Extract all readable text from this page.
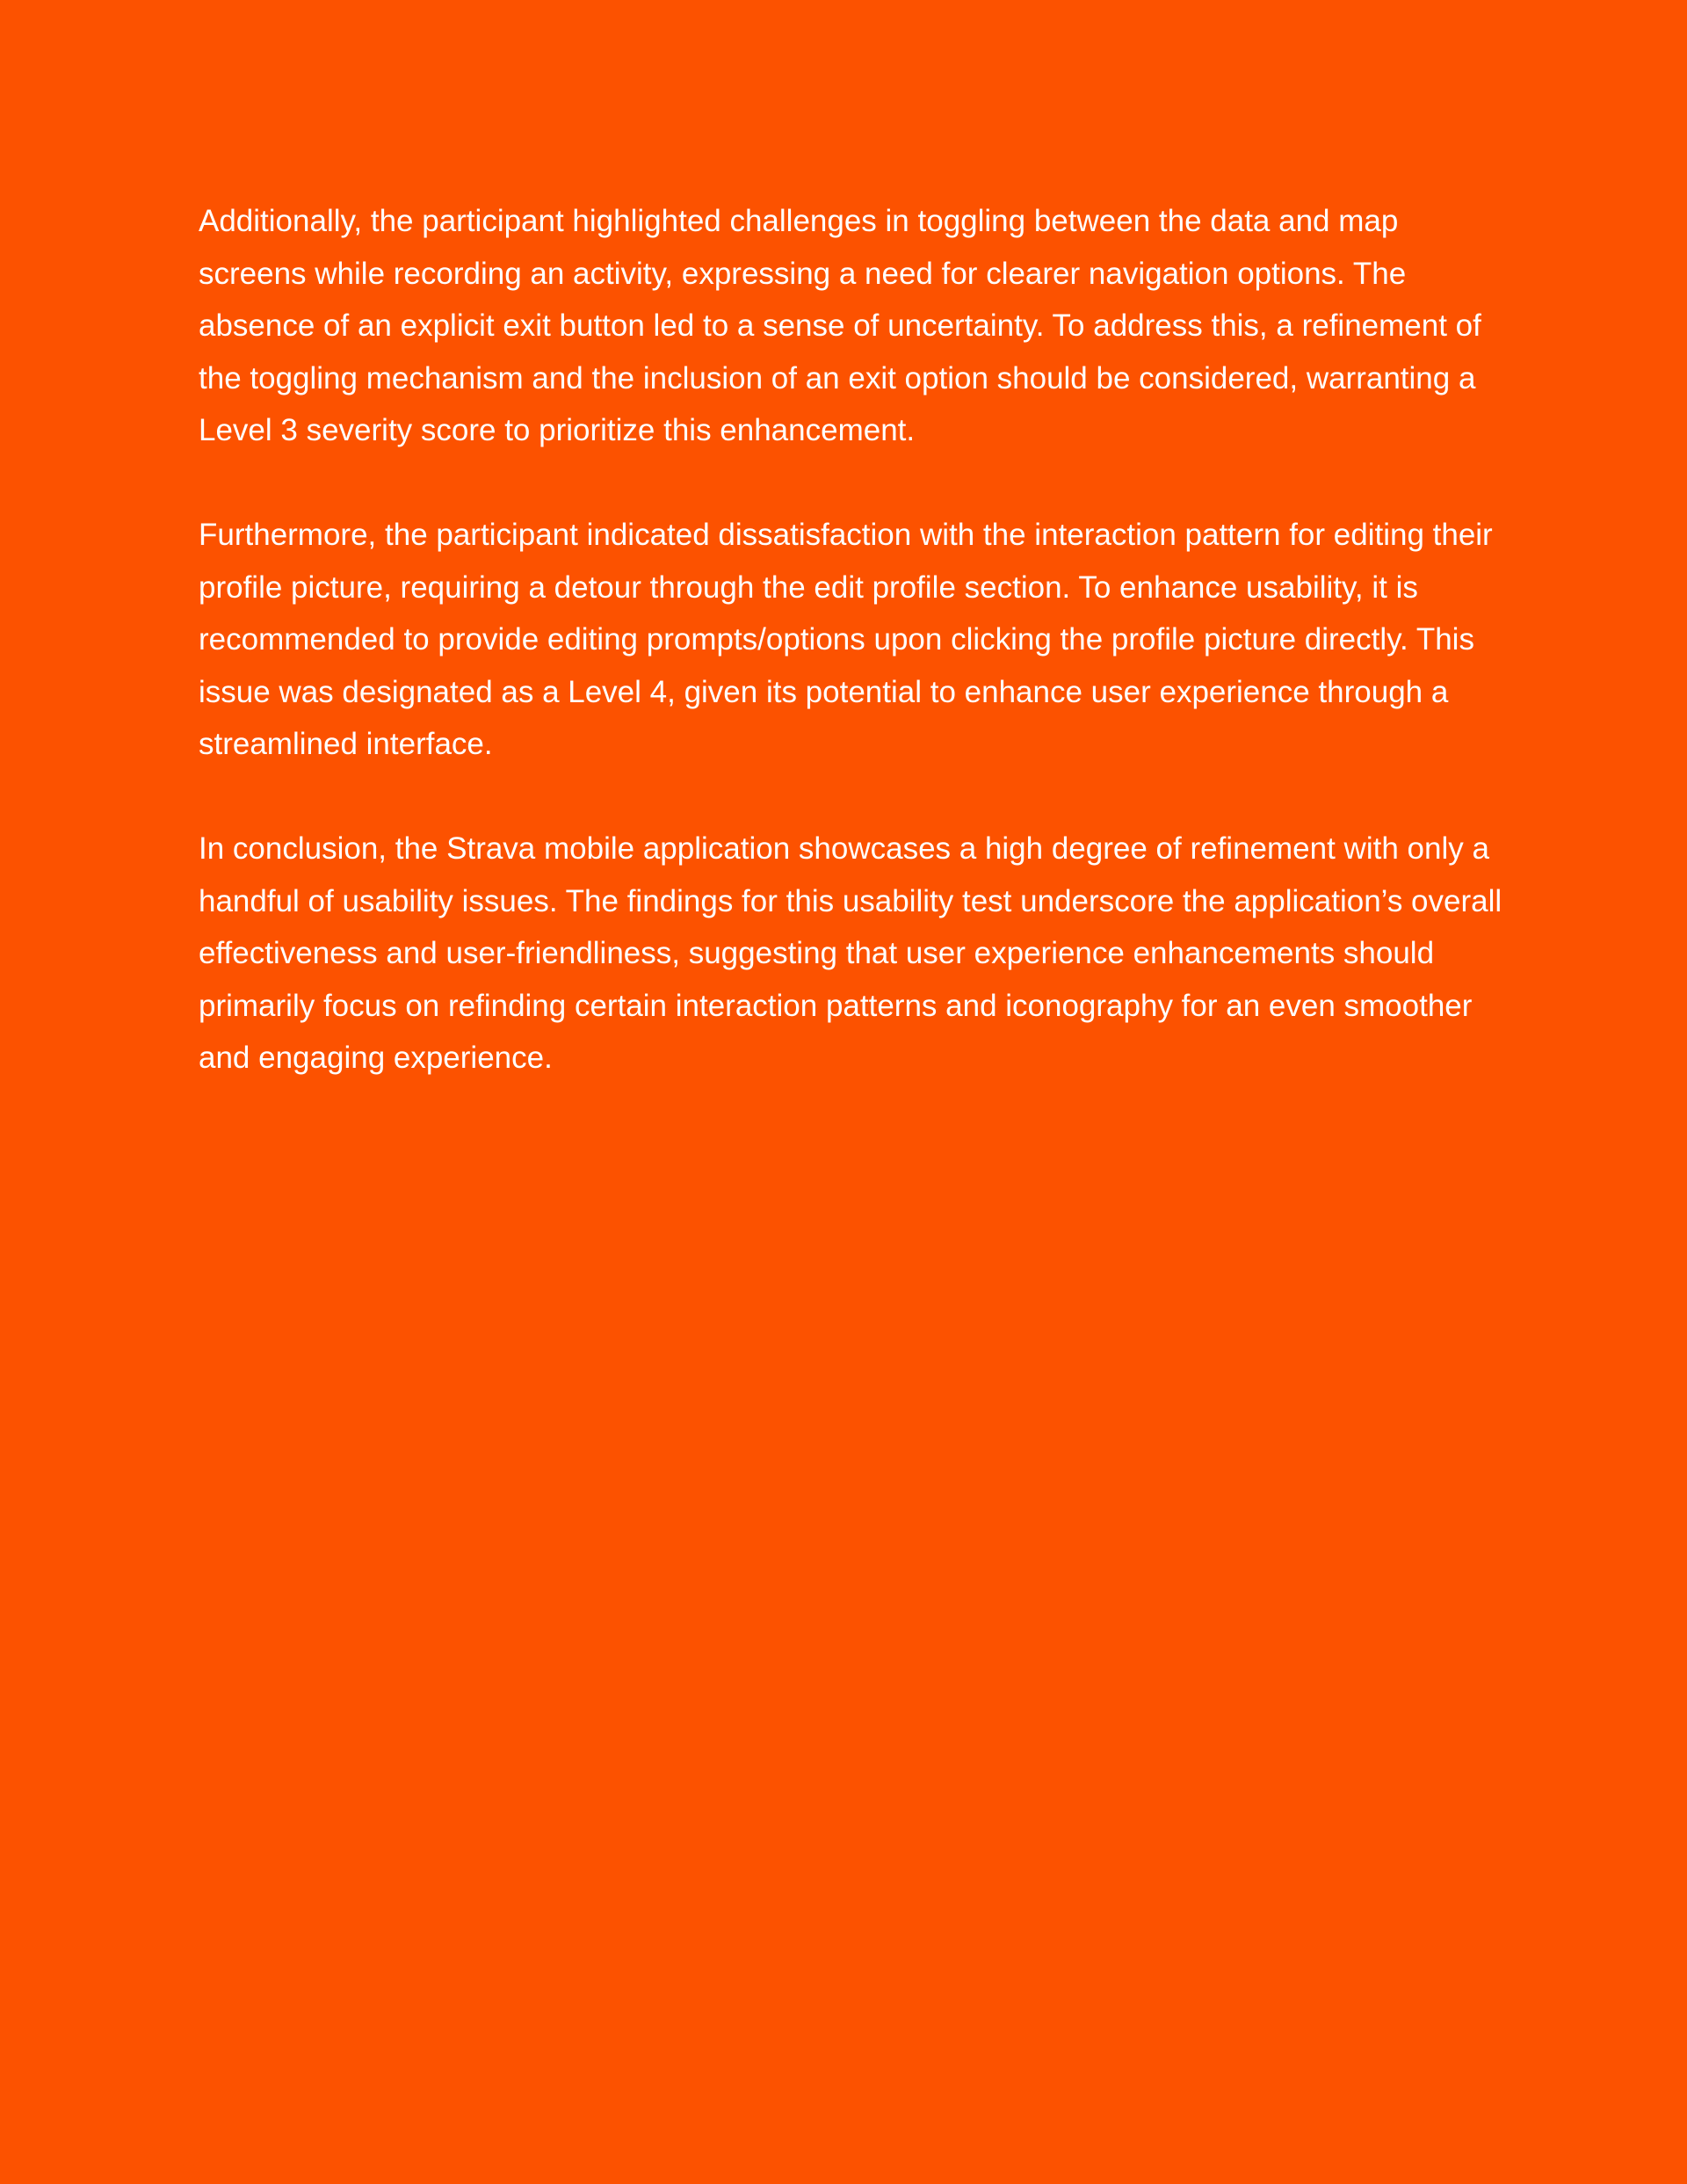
Additionally, the participant highlighted challenges in toggling between the data and map screens while recording an activity, expressing a need for clearer navigation options. The absence of an explicit exit button led to a sense of uncertainty. To address this, a refinement of the toggling mechanism and the inclusion of an exit option should be considered, warranting a Level 3 severity score to prioritize this enhancement.

Furthermore, the participant indicated dissatisfaction with the interaction pattern for editing their profile picture, requiring a detour through the edit profile section. To enhance usability, it is recommended to provide editing prompts/options upon clicking the profile picture directly. This issue was designated as a Level 4, given its potential to enhance user experience through a streamlined interface.

In conclusion, the Strava mobile application showcases a high degree of refinement with only a handful of usability issues. The findings for this usability test underscore the application’s overall effectiveness and user-friendliness, suggesting that user experience enhancements should primarily focus on refinding certain interaction patterns and iconography for an even smoother and engaging experience.
